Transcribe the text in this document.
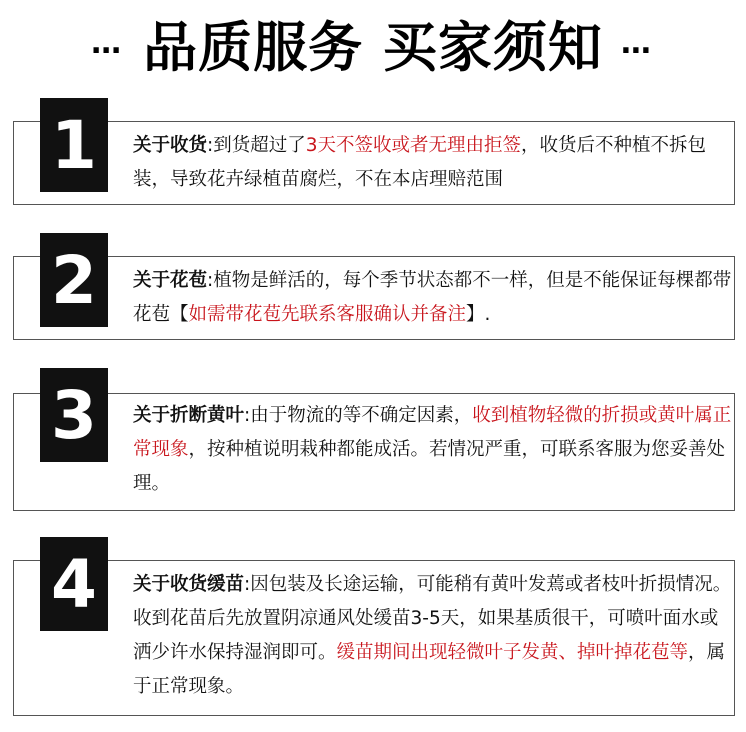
… 品质服务 买家须知 …
1	关于收货:到货超过了3天不签收或者无理由拒签，收货后不种植不拆包装，导致花卉绿植苗腐烂，不在本店理赔范围
2	关于花苞:植物是鲜活的，每个季节状态都不一样，但是不能保证每棵都带花苞【如需带花苞先联系客服确认并备注】.
3	关于折断黄叶:由于物流的等不确定因素，收到植物轻微的折损或黄叶属正常现象，按种植说明栽种都能成活。若情况严重，可联系客服为您妥善处理。
4	关于收货缓苗:因包装及长途运输，可能稍有黄叶发蔫或者枝叶折损情况。收到花苗后先放置阴凉通风处缓苗3-5天，如果基质很干，可喷叶面水或洒少许水保持湿润即可。缓苗期间出现轻微叶子发黄、掉叶掉花苞等，属于正常现象。
